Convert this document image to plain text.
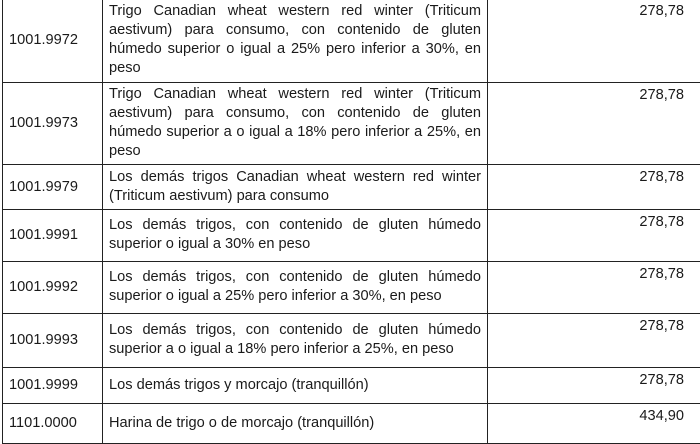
1001.9972	Trigo Canadian wheat western red winter (Triticum aestivum) para consumo, con contenido de gluten húmedo superior o igual a 25% pero inferior a 30%, en peso	278,78
1001.9973	Trigo Canadian wheat western red winter (Triticum aestivum) para consumo, con contenido de gluten húmedo superior a o igual a 18% pero inferior a 25%, en peso	278,78
1001.9979	Los demás trigos Canadian wheat western red winter (Triticum aestivum) para consumo	278,78
1001.9991	Los demás trigos, con contenido de gluten húmedo superior o igual a 30% en peso	278,78
1001.9992	Los demás trigos, con contenido de gluten húmedo superior o igual a 25% pero inferior a 30%, en peso	278,78
1001.9993	Los demás trigos, con contenido de gluten húmedo superior a o igual a 18% pero inferior a 25%, en peso	278,78
1001.9999	Los demás trigos y morcajo (tranquillón)	278,78
1101.0000	Harina de trigo o de morcajo (tranquillón)	434,90
